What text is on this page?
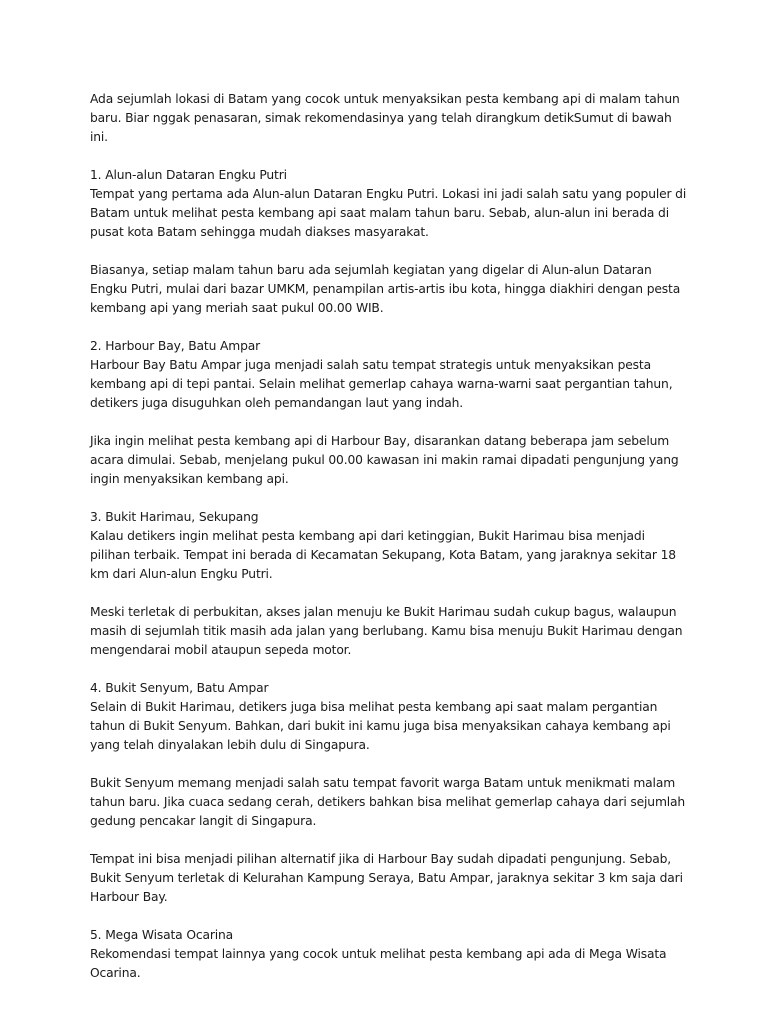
Ada sejumlah lokasi di Batam yang cocok untuk menyaksikan pesta kembang api di malam tahun baru. Biar nggak penasaran, simak rekomendasinya yang telah dirangkum detikSumut di bawah ini.

1. Alun-alun Dataran Engku Putri

Tempat yang pertama ada Alun-alun Dataran Engku Putri. Lokasi ini jadi salah satu yang populer di Batam untuk melihat pesta kembang api saat malam tahun baru. Sebab, alun-alun ini berada di pusat kota Batam sehingga mudah diakses masyarakat.

Biasanya, setiap malam tahun baru ada sejumlah kegiatan yang digelar di Alun-alun Dataran Engku Putri, mulai dari bazar UMKM, penampilan artis-artis ibu kota, hingga diakhiri dengan pesta kembang api yang meriah saat pukul 00.00 WIB.

2. Harbour Bay, Batu Ampar

Harbour Bay Batu Ampar juga menjadi salah satu tempat strategis untuk menyaksikan pesta kembang api di tepi pantai. Selain melihat gemerlap cahaya warna-warni saat pergantian tahun, detikers juga disuguhkan oleh pemandangan laut yang indah.

Jika ingin melihat pesta kembang api di Harbour Bay, disarankan datang beberapa jam sebelum acara dimulai. Sebab, menjelang pukul 00.00 kawasan ini makin ramai dipadati pengunjung yang ingin menyaksikan kembang api.

3. Bukit Harimau, Sekupang

Kalau detikers ingin melihat pesta kembang api dari ketinggian, Bukit Harimau bisa menjadi pilihan terbaik. Tempat ini berada di Kecamatan Sekupang, Kota Batam, yang jaraknya sekitar 18 km dari Alun-alun Engku Putri.

Meski terletak di perbukitan, akses jalan menuju ke Bukit Harimau sudah cukup bagus, walaupun masih di sejumlah titik masih ada jalan yang berlubang. Kamu bisa menuju Bukit Harimau dengan mengendarai mobil ataupun sepeda motor.

4. Bukit Senyum, Batu Ampar

Selain di Bukit Harimau, detikers juga bisa melihat pesta kembang api saat malam pergantian tahun di Bukit Senyum. Bahkan, dari bukit ini kamu juga bisa menyaksikan cahaya kembang api yang telah dinyalakan lebih dulu di Singapura.

Bukit Senyum memang menjadi salah satu tempat favorit warga Batam untuk menikmati malam tahun baru. Jika cuaca sedang cerah, detikers bahkan bisa melihat gemerlap cahaya dari sejumlah gedung pencakar langit di Singapura.

Tempat ini bisa menjadi pilihan alternatif jika di Harbour Bay sudah dipadati pengunjung. Sebab, Bukit Senyum terletak di Kelurahan Kampung Seraya, Batu Ampar, jaraknya sekitar 3 km saja dari Harbour Bay.

5. Mega Wisata Ocarina

Rekomendasi tempat lainnya yang cocok untuk melihat pesta kembang api ada di Mega Wisata Ocarina.
